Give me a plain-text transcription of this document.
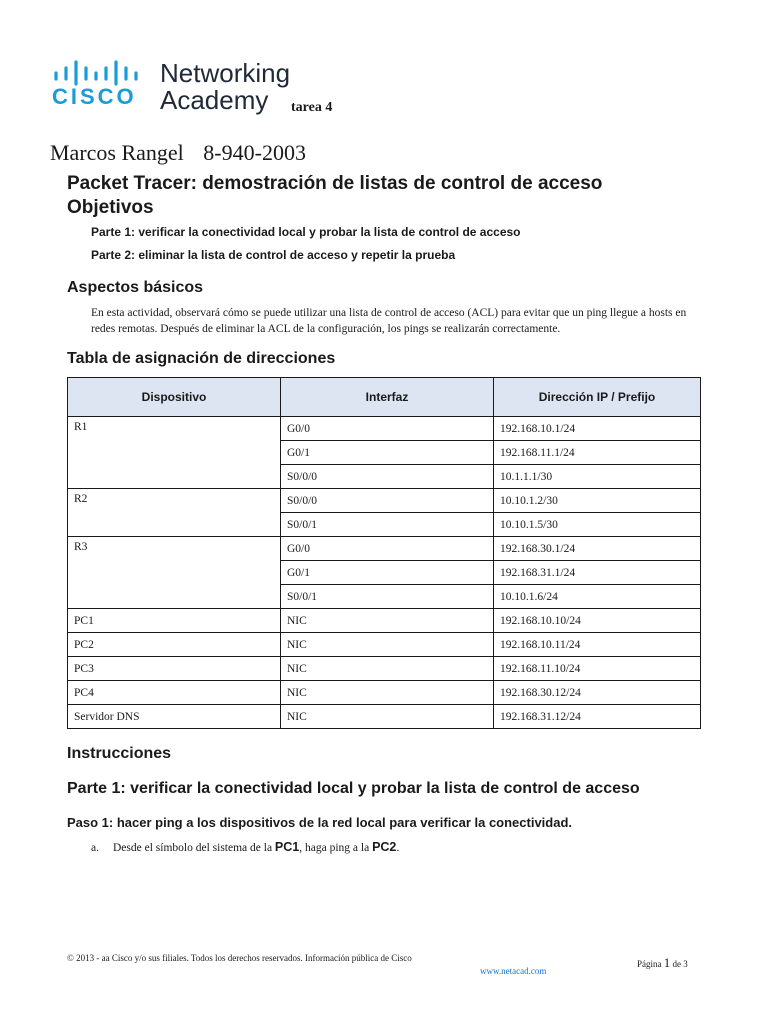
CISCO
Networking
Academy tarea 4
Marcos Rangel 8-940-2003
Packet Tracer: demostración de listas de control de acceso
Objetivos
Parte 1: verificar la conectividad local y probar la lista de control de acceso
Parte 2: eliminar la lista de control de acceso y repetir la prueba
Aspectos básicos
En esta actividad, observará cómo se puede utilizar una lista de control de acceso (ACL) para evitar que un ping llegue a hosts en redes remotas. Después de eliminar la ACL de la configuración, los pings se realizarán correctamente.
Tabla de asignación de direcciones
Dispositivo	Interfaz	Dirección IP / Prefijo
R1	G0/0	192.168.10.1/24
	G0/1	192.168.11.1/24
	S0/0/0	10.1.1.1/30
R2	S0/0/0	10.10.1.2/30
	S0/0/1	10.10.1.5/30
R3	G0/0	192.168.30.1/24
	G0/1	192.168.31.1/24
	S0/0/1	10.10.1.6/24
PC1	NIC	192.168.10.10/24
PC2	NIC	192.168.10.11/24
PC3	NIC	192.168.11.10/24
PC4	NIC	192.168.30.12/24
Servidor DNS	NIC	192.168.31.12/24
Instrucciones
Parte 1: verificar la conectividad local y probar la lista de control de acceso
Paso 1: hacer ping a los dispositivos de la red local para verificar la conectividad.
a. Desde el símbolo del sistema de la PC1, haga ping a la PC2.
© 2013 - aa Cisco y/o sus filiales. Todos los derechos reservados. Información pública de Cisco
www.netacad.com
Página 1 de 3
